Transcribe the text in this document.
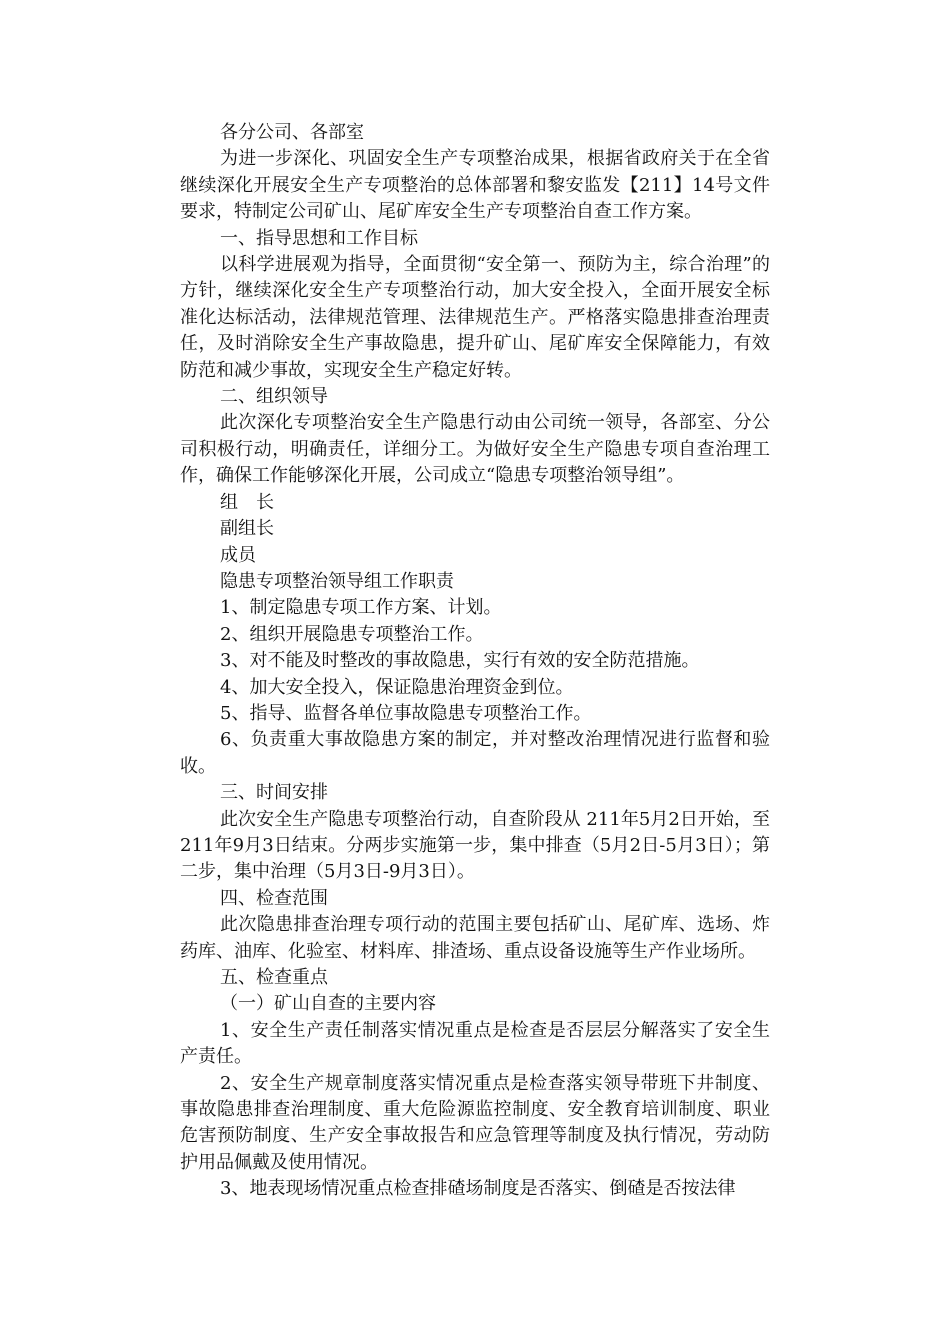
各分公司、各部室

为进一步深化、巩固安全生产专项整治成果，根据省政府关于在全省继续深化开展安全生产专项整治的总体部署和黎安监发【211】14号文件要求，特制定公司矿山、尾矿库安全生产专项整治自查工作方案。

一、指导思想和工作目标

以科学进展观为指导，全面贯彻“安全第一、预防为主，综合治理”的方针，继续深化安全生产专项整治行动，加大安全投入，全面开展安全标准化达标活动，法律规范管理、法律规范生产。严格落实隐患排查治理责任，及时消除安全生产事故隐患，提升矿山、尾矿库安全保障能力，有效防范和减少事故，实现安全生产稳定好转。

二、组织领导

此次深化专项整治安全生产隐患行动由公司统一领导，各部室、分公司积极行动，明确责任，详细分工。为做好安全生产隐患专项自查治理工作，确保工作能够深化开展，公司成立“隐患专项整治领导组”。

组　长

副组长

成员

隐患专项整治领导组工作职责

1、制定隐患专项工作方案、计划。

2、组织开展隐患专项整治工作。

3、对不能及时整改的事故隐患，实行有效的安全防范措施。

4、加大安全投入，保证隐患治理资金到位。

5、指导、监督各单位事故隐患专项整治工作。

6、负责重大事故隐患方案的制定，并对整改治理情况进行监督和验收。

三、时间安排

此次安全生产隐患专项整治行动，自查阶段从 211年5月2日开始，至211年9月3日结束。分两步实施第一步，集中排查（5月2日-5月3日）；第二步，集中治理（5月3日-9月3日）。

四、检查范围

此次隐患排查治理专项行动的范围主要包括矿山、尾矿库、选场、炸药库、油库、化验室、材料库、排渣场、重点设备设施等生产作业场所。

五、检查重点

（一）矿山自查的主要内容

1、安全生产责任制落实情况重点是检查是否层层分解落实了安全生产责任。

2、安全生产规章制度落实情况重点是检查落实领导带班下井制度、事故隐患排查治理制度、重大危险源监控制度、安全教育培训制度、职业危害预防制度、生产安全事故报告和应急管理等制度及执行情况，劳动防护用品佩戴及使用情况。

3、地表现场情况重点检查排碴场制度是否落实、倒碴是否按法律
